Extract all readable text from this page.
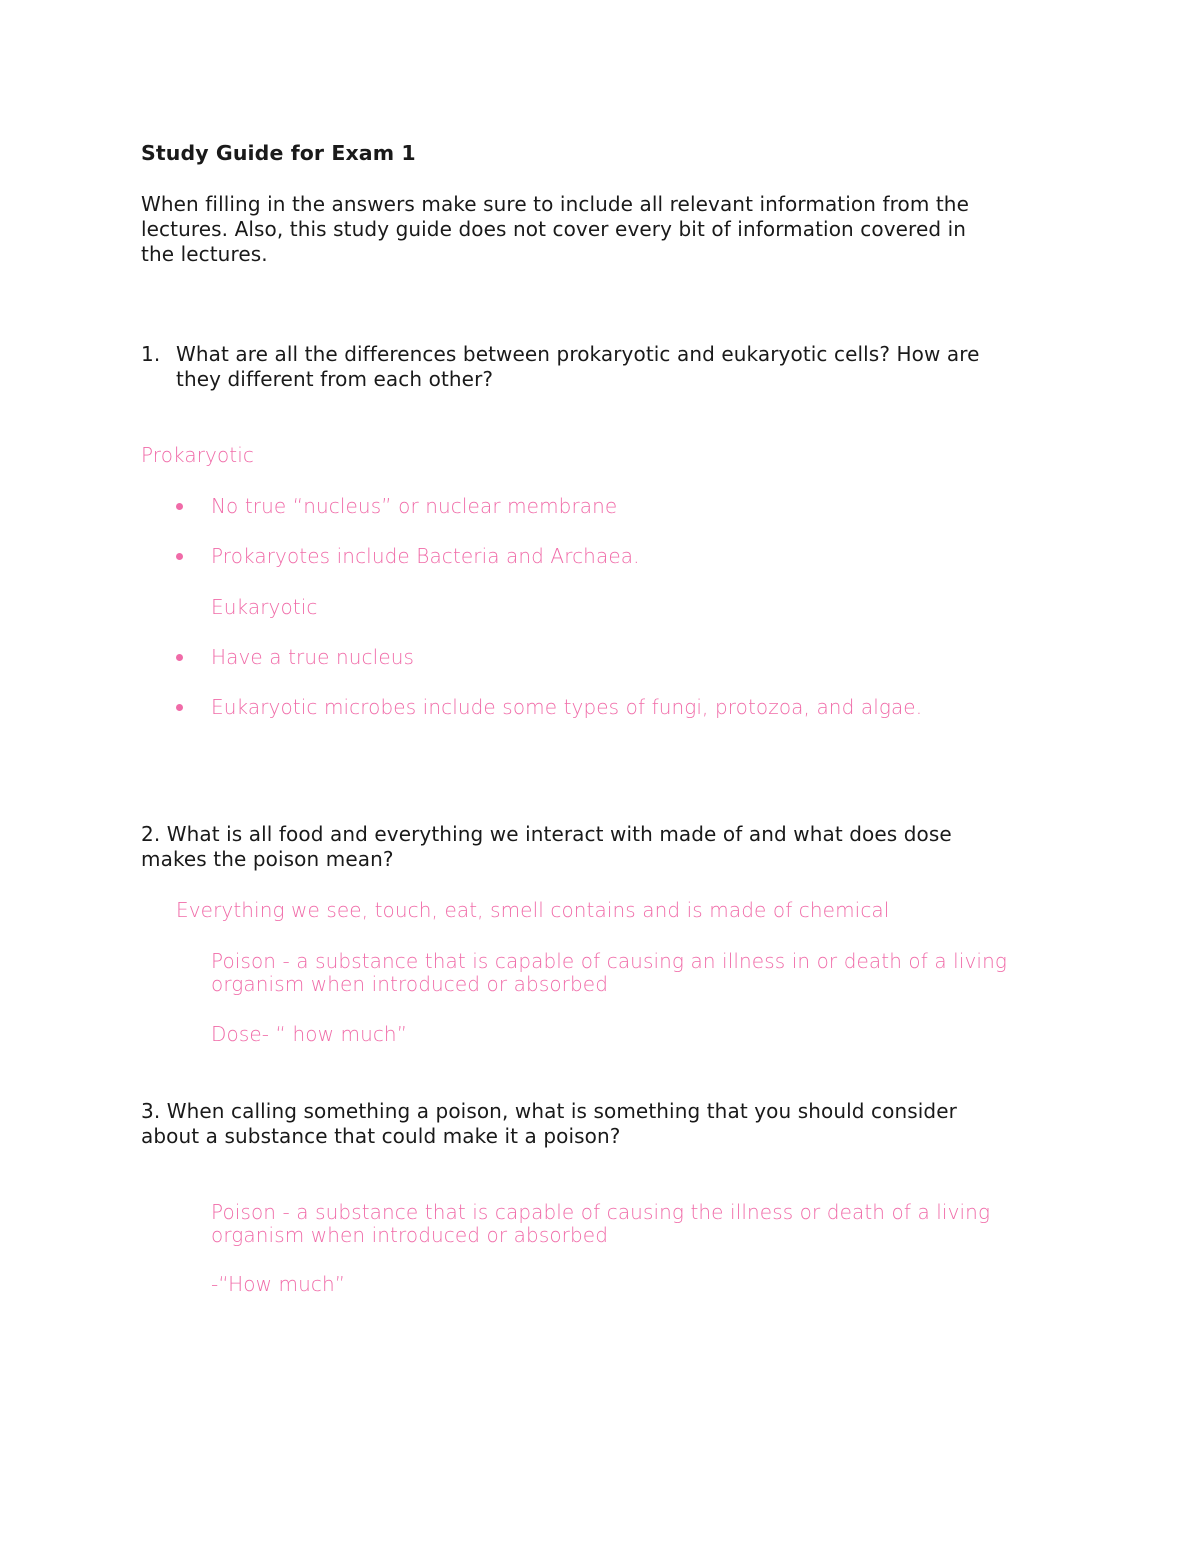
Study Guide for Exam 1
When filling in the answers make sure to include all relevant information from the
lectures. Also, this study guide does not cover every bit of information covered in
the lectures.
1. What are all the differences between prokaryotic and eukaryotic cells? How are
they different from each other?
Prokaryotic
No true “nucleus” or nuclear membrane
Prokaryotes include Bacteria and Archaea.
Eukaryotic
Have a true nucleus
Eukaryotic microbes include some types of fungi, protozoa, and algae.
2. What is all food and everything we interact with made of and what does dose
makes the poison mean?
Everything we see, touch, eat, smell contains and is made of chemical
Poison - a substance that is capable of causing an illness in or death of a living
organism when introduced or absorbed
Dose- “ how much”
3. When calling something a poison, what is something that you should consider
about a substance that could make it a poison?
Poison - a substance that is capable of causing the illness or death of a living
organism when introduced or absorbed
-“How much”
